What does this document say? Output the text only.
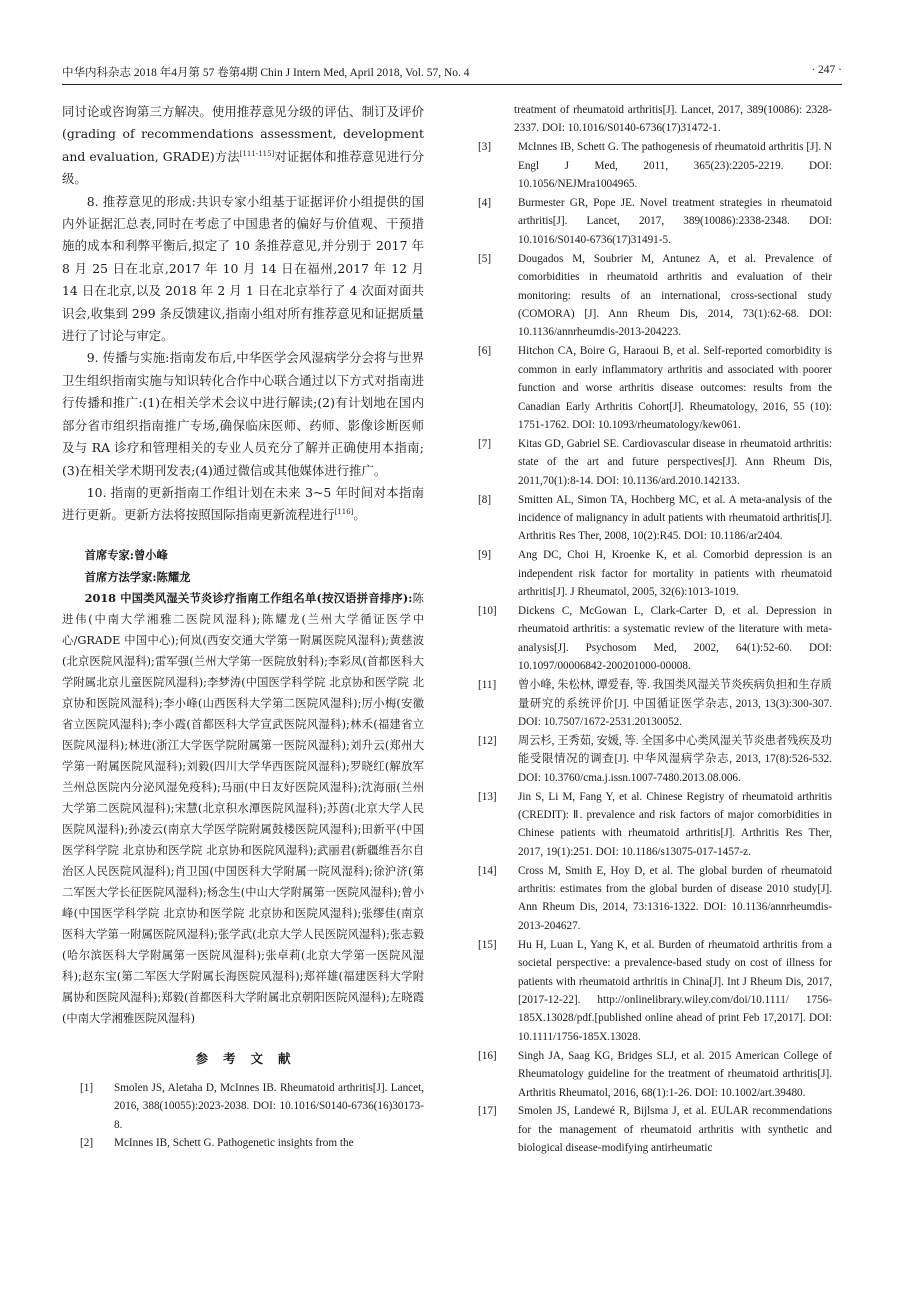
中华内科杂志 2018 年4月第 57 卷第4期 Chin J Intern Med, April 2018, Vol. 57, No. 4	· 247 ·

同讨论或咨询第三方解决。使用推荐意见分级的评估、制订及评价(grading of recommendations assessment, development and evaluation, GRADE)方法[111-115]对证据体和推荐意见进行分级。

8. 推荐意见的形成:共识专家小组基于证据评价小组提供的国内外证据汇总表,同时在考虑了中国患者的偏好与价值观、干预措施的成本和利弊平衡后,拟定了 10 条推荐意见,并分别于 2017 年 8 月 25 日在北京,2017 年 10 月 14 日在福州,2017 年 12 月 14 日在北京,以及 2018 年 2 月 1 日在北京举行了 4 次面对面共识会,收集到 299 条反馈建议,指南小组对所有推荐意见和证据质量进行了讨论与审定。

9. 传播与实施:指南发布后,中华医学会风湿病学分会将与世界卫生组织指南实施与知识转化合作中心联合通过以下方式对指南进行传播和推广:(1)在相关学术会议中进行解读;(2)有计划地在国内部分省市组织指南推广专场,确保临床医师、药师、影像诊断医师及与 RA 诊疗和管理相关的专业人员充分了解并正确使用本指南;(3)在相关学术期刊发表;(4)通过微信或其他媒体进行推广。

10. 指南的更新指南工作组计划在未来 3~5 年时间对本指南进行更新。更新方法将按照国际指南更新流程进行[116]。

首席专家:曾小峰

首席方法学家:陈耀龙

2018 中国类风湿关节炎诊疗指南工作组名单(按汉语拼音排序):陈进伟(中南大学湘雅二医院风湿科);陈耀龙(兰州大学循证医学中心/GRADE 中国中心);何岚(西安交通大学第一附属医院风湿科);黄慈波(北京医院风湿科);雷军强(兰州大学第一医院放射科);李彩凤(首都医科大学附属北京儿童医院风湿科);李梦涛(中国医学科学院 北京协和医学院 北京协和医院风湿科);李小峰(山西医科大学第二医院风湿科);厉小梅(安徽省立医院风湿科);李小霞(首都医科大学宣武医院风湿科);林禾(福建省立医院风湿科);林进(浙江大学医学院附属第一医院风湿科);刘升云(郑州大学第一附属医院风湿科);刘毅(四川大学华西医院风湿科);罗晓红(解放军兰州总医院内分泌风湿免疫科);马丽(中日友好医院风湿科);沈海丽(兰州大学第二医院风湿科);宋慧(北京积水潭医院风湿科);苏茵(北京大学人民医院风湿科);孙凌云(南京大学医学院附属鼓楼医院风湿科);田新平(中国医学科学院 北京协和医学院 北京协和医院风湿科);武丽君(新疆维吾尔自治区人民医院风湿科);肖卫国(中国医科大学附属一院风湿科);徐沪济(第二军医大学长征医院风湿科);杨念生(中山大学附属第一医院风湿科);曾小峰(中国医学科学院 北京协和医学院 北京协和医院风湿科);张缪佳(南京医科大学第一附属医院风湿科);张学武(北京大学人民医院风湿科);张志毅(哈尔滨医科大学附属第一医院风湿科);张卓莉(北京大学第一医院风湿科);赵东宝(第二军医大学附属长海医院风湿科);郑祥雄(福建医科大学附属协和医院风湿科);郑毅(首都医科大学附属北京朝阳医院风湿科);左晓霞(中南大学湘雅医院风湿科)

参考文献
[1]	Smolen JS, Aletaha D, McInnes IB. Rheumatoid arthritis[J]. Lancet, 2016, 388(10055):2023-2038. DOI: 10.1016/S0140-6736(16)30173-8.
[2]	McInnes IB, Schett G. Pathogenetic insights from the
treatment of rheumatoid arthritis[J]. Lancet, 2017, 389(10086): 2328-2337. DOI: 10.1016/S0140-6736(17)31472-1.
[3]	McInnes IB, Schett G. The pathogenesis of rheumatoid arthritis [J]. N Engl J Med, 2011, 365(23):2205-2219. DOI: 10.1056/NEJMra1004965.
[4]	Burmester GR, Pope JE. Novel treatment strategies in rheumatoid arthritis[J]. Lancet, 2017, 389(10086):2338-2348. DOI: 10.1016/S0140-6736(17)31491-5.
[5]	Dougados M, Soubrier M, Antunez A, et al. Prevalence of comorbidities in rheumatoid arthritis and evaluation of their monitoring: results of an international, cross-sectional study (COMORA) [J]. Ann Rheum Dis, 2014, 73(1):62-68. DOI: 10.1136/annrheumdis-2013-204223.
[6]	Hitchon CA, Boire G, Haraoui B, et al. Self-reported comorbidity is common in early inflammatory arthritis and associated with poorer function and worse arthritis disease outcomes: results from the Canadian Early Arthritis Cohort[J]. Rheumatology, 2016, 55 (10): 1751-1762. DOI: 10.1093/rheumatology/kew061.
[7]	Kitas GD, Gabriel SE. Cardiovascular disease in rheumatoid arthritis: state of the art and future perspectives[J]. Ann Rheum Dis, 2011,70(1):8-14. DOI: 10.1136/ard.2010.142133.
[8]	Smitten AL, Simon TA, Hochberg MC, et al. A meta-analysis of the incidence of malignancy in adult patients with rheumatoid arthritis[J]. Arthritis Res Ther, 2008, 10(2):R45. DOI: 10.1186/ar2404.
[9]	Ang DC, Choi H, Kroenke K, et al. Comorbid depression is an independent risk factor for mortality in patients with rheumatoid arthritis[J]. J Rheumatol, 2005, 32(6):1013-1019.
[10]	Dickens C, McGowan L, Clark-Carter D, et al. Depression in rheumatoid arthritis: a systematic review of the literature with meta-analysis[J]. Psychosom Med, 2002, 64(1):52-60. DOI: 10.1097/00006842-200201000-00008.
[11]	曾小峰, 朱松林, 谭爱春, 等. 我国类风湿关节炎疾病负担和生存质量研究的系统评价[J]. 中国循证医学杂志, 2013, 13(3):300-307. DOI: 10.7507/1672-2531.20130052.
[12]	周云杉, 王秀茹, 安媛, 等. 全国多中心类风湿关节炎患者残疾及功能受限情况的调查[J]. 中华风湿病学杂志, 2013, 17(8):526-532. DOI: 10.3760/cma.j.issn.1007-7480.2013.08.006.
[13]	Jin S, Li M, Fang Y, et al. Chinese Registry of rheumatoid arthritis (CREDIT): Ⅱ. prevalence and risk factors of major comorbidities in Chinese patients with rheumatoid arthritis[J]. Arthritis Res Ther, 2017, 19(1):251. DOI: 10.1186/s13075-017-1457-z.
[14]	Cross M, Smith E, Hoy D, et al. The global burden of rheumatoid arthritis: estimates from the global burden of disease 2010 study[J]. Ann Rheum Dis, 2014, 73:1316-1322. DOI: 10.1136/annrheumdis-2013-204627.
[15]	Hu H, Luan L, Yang K, et al. Burden of rheumatoid arthritis from a societal perspective: a prevalence-based study on cost of illness for patients with rheumatoid arthritis in China[J]. Int J Rheum Dis, 2017, [2017-12-22]. http://onlinelibrary.wiley.com/doi/10.1111/ 1756-185X.13028/pdf.[published online ahead of print Feb 17,2017]. DOI: 10.1111/1756-185X.13028.
[16]	Singh JA, Saag KG, Bridges SLJ, et al. 2015 American College of Rheumatology guideline for the treatment of rheumatoid arthritis[J]. Arthritis Rheumatol, 2016, 68(1):1-26. DOI: 10.1002/art.39480.
[17]	Smolen JS, Landewé R, Bijlsma J, et al. EULAR recommendations for the management of rheumatoid arthritis with synthetic and biological disease-modifying antirheumatic
